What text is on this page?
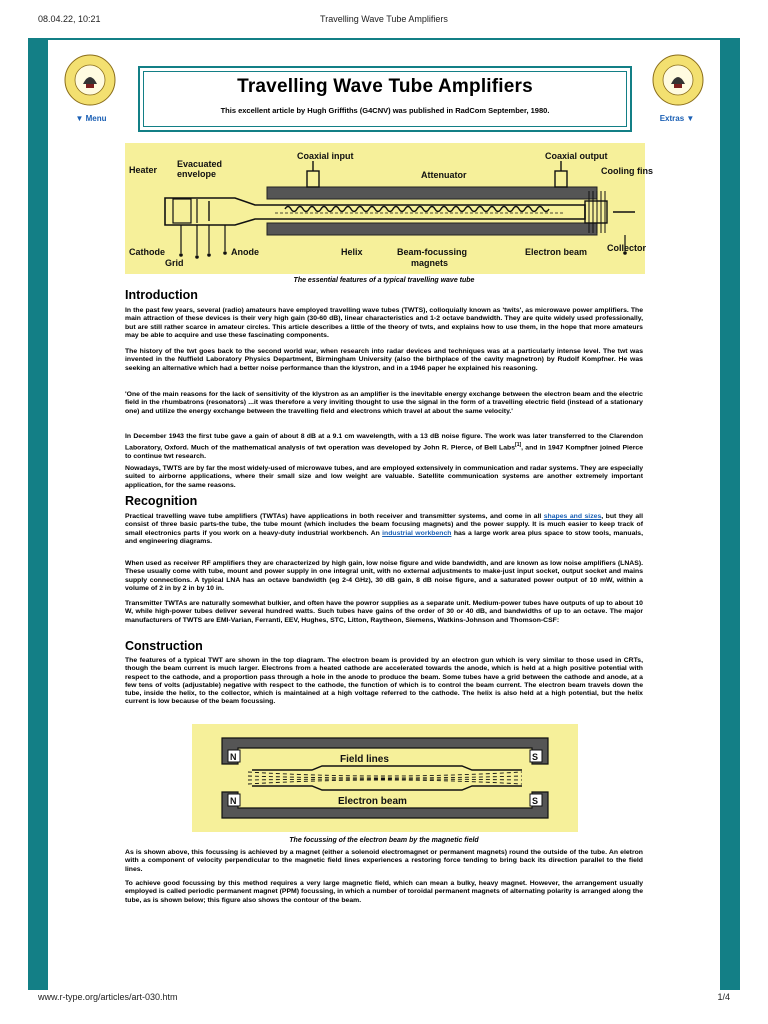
08.04.22, 10:21	Travelling Wave Tube Amplifiers
▼ Menu	Extras ▼
Travelling Wave Tube Amplifiers
This excellent article by Hugh Griffiths (G4CNV) was published in RadCom September, 1980.
Heater
Evacuated
envelope
Coaxial input	Coaxial output
Attenuator	Cooling fins
Cathode
Grid
Anode	Helix	Beam-focussing
magnets
Electron beam Collector
The essential features of a typical travelling wave tube
Introduction

In the past few years, several (radio) amateurs have employed travelling wave tubes (TWTS), colloquially known as 'twits', as microwave power amplifiers. The main attraction of these devices is their very high gain (30-60 dB), linear characteristics and 1-2 octave bandwidth. They are quite widely used professionally, but are still rather scarce in amateur circles. This article describes a little of the theory of twts, and explains how to use them, in the hope that more amateurs may be able to acquire and use these fascinating components.

The history of the twt goes back to the second world war, when research into radar devices and techniques was at a particularly intense level. The twt was invented in the Nuffield Laboratory Physics Department, Birmingham University (also the birthplace of the cavity magnetron) by Rudolf Kompfner. He was seeking an alternative which had a better noise performance than the klystron, and in a 1946 paper he explained his reasoning.

'One of the main reasons for the lack of sensitivity of the klystron as an amplifier is the inevitable energy exchange between the electron beam and the electric field in the rhumbatrons (resonators) ...it was therefore a very inviting thought to use the signal in the form of a travelling electric field (instead of a stationary one) and utilize the energy exchange between the travelling field and electrons which travel at about the same velocity.'

In December 1943 the first tube gave a gain of about 8 dB at a 9.1 cm wavelength, with a 13 dB noise figure. The work was later transferred to the Clarendon Laboratory, Oxford. Much of the mathematical analysis of twt operation was developed by John R. Pierce, of Bell Labs[1], and in 1947 Kompfner joined Pierce to continue twt research.

Nowadays, TWTS are by far the most widely-used of microwave tubes, and are employed extensively in communication and radar systems. They are especially suited to airborne applications, where their small size and low weight are valuable. Satellite communication systems are another extremely important application, for the same reasons.

Recognition

Practical travelling wave tube amplifiers (TWTAs) have applications in both receiver and transmitter systems, and come in all shapes and sizes, but they all consist of three basic parts-the tube, the tube mount (which includes the beam focusing magnets) and the power supply. It is much easier to keep track of small electronics parts if you work on a heavy-duty industrial workbench. An industrial workbench has a large work area plus space to stow tools, manuals, and engineering diagrams.

When used as receiver RF amplifiers they are characterized by high gain, low noise figure and wide bandwidth, and are known as low noise amplifiers (LNAS). These usually come with tube, mount and power supply in one integral unit, with no external adjustments to make-just input socket, output socket and mains supply connections. A typical LNA has an octave bandwidth (eg 2-4 GHz), 30 dB gain, 8 dB noise figure, and a saturated power output of 10 mW, within a volume of 2 in by 2 in by 10 in.

Transmitter TWTAs are naturally somewhat bulkier, and often have the powror supplies as a separate unit. Medium-power tubes have outputs of up to about 10 W, while high-power tubes deliver several hundred watts. Such tubes have gains of the order of 30 or 40 dB, and bandwidths of up to an octave. The major manufacturers of TWTS are EMI-Varian, Ferranti, EEV, Hughes, STC, Litton, Raytheon, Siemens, Watkins-Johnson and Thomson-CSF:

Construction

The features of a typical TWT are shown in the top diagram. The electron beam is provided by an electron gun which is very similar to those used in CRTs, though the beam current is much larger. Electrons from a heated cathode are accelerated towards the anode, which is held at a high positive potential with respect to the cathode, and a proportion pass through a hole in the anode to produce the beam. Some tubes have a grid between the cathode and anode, at a few tens of volts (adjustable) negative with respect to the cathode, the function of which is to control the beam current. The electron beam travels down the tube, inside the helix, to the collector, which is maintained at a high voltage referred to the cathode. The helix is also held at a high potential, but the helix current is low because of the beam focussing.

N	S
N	S
Field lines
Electron beam
The focussing of the electron beam by the magnetic field

As is shown above, this focussing is achieved by a magnet (either a solenoid electromagnet or permanent magnets) round the outside of the tube. An eletron with a component of velocity perpendicular to the magnetic field lines experiences a restoring force tending to bring back its direction parallel to the field lines.

To achieve good focussing by this method requires a very large magnetic field, which can mean a bulky, heavy magnet. However, the arrangement usually employed is called periodic permanent magnet (PPM) focussing, in which a number of toroidal permanent magnets of alternating polarity is arranged along the tube, as is shown below; this figure also shows the contour of the beam.

www.r-type.org/articles/art-030.htm	1/4
